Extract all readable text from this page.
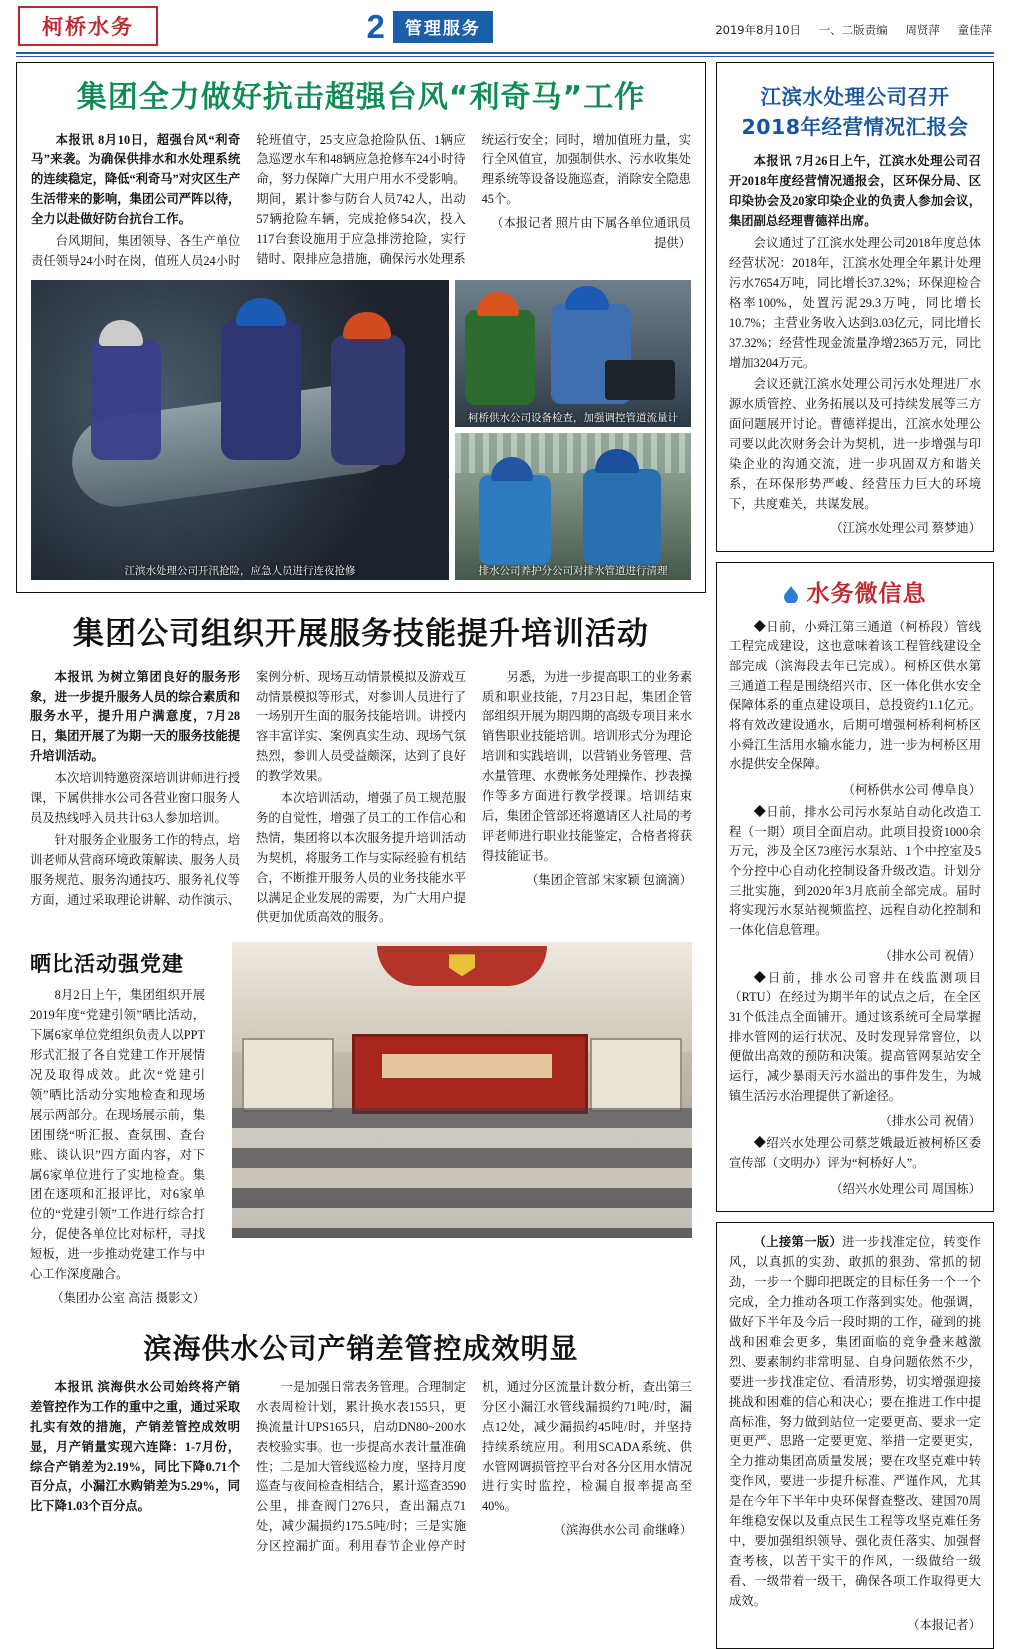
柯桥水务	2	管理服务	2019年8月10日 一、二版责编 周贤萍 童佳萍
集团全力做好抗击超强台风“利奇马”工作

本报讯 8月10日，超强台风“利奇马”来袭。为确保供排水和水处理系统的连续稳定，降低“利奇马”对灾区生产生活带来的影响，集团公司严阵以待，全力以赴做好防台抗台工作。

台风期间，集团领导、各生产单位责任领导24小时在岗，值班人员24小时轮班值守，25支应急抢险队伍、1辆应急巡逻水车和48辆应急抢修车24小时待命，努力保障广大用户用水不受影响。期间，累计参与防台人员742人，出动57辆抢险车辆，完成抢修54次，投入117台套设施用于应急排涝抢险，实行错时、限排应急措施，确保污水处理系统运行安全；同时，增加值班力量，实行全风值宣，加强制供水、污水收集处理系统等设备设施巡查，消除安全隐患45个。

（本报记者 照片由下属各单位通讯员提供）

江滨水处理公司开汛抢险，应急人员进行连夜抢修
柯桥供水公司设备检查，加强调控管道流量计
排水公司养护分公司对排水管道进行清理
集团公司组织开展服务技能提升培训活动

本报讯 为树立第团良好的服务形象，进一步提升服务人员的综合素质和服务水平，提升用户满意度，7月28日，集团开展了为期一天的服务技能提升培训活动。

本次培训特邀资深培训讲师进行授课，下属供排水公司各营业窗口服务人员及热线呼入员共计63人参加培训。

针对服务企业服务工作的特点，培训老师从营商环境政策解读、服务人员服务规范、服务沟通技巧、服务礼仪等方面，通过采取理论讲解、动作演示、案例分析、现场互动情景模拟及游戏互动情景模拟等形式，对参训人员进行了一场别开生面的服务技能培训。讲授内容丰富详实、案例真实生动、现场气氛热烈，参训人员受益颇深，达到了良好的教学效果。

本次培训活动，增强了员工规范服务的自觉性，增强了员工的工作信心和热情，集团将以本次服务提升培训活动为契机，将服务工作与实际经验有机结合，不断推开服务人员的业务技能水平以满足企业发展的需要，为广大用户提供更加优质高效的服务。

另悉，为进一步提高职工的业务素质和职业技能，7月23日起，集团企管部组织开展为期四期的高级专项目来水销售职业技能培训。培训形式分为理论培训和实践培训，以营销业务管理、营水量管理、水费帐务处理操作、抄表操作等多方面进行教学授课。培训结束后，集团企管部还将邀请区人社局的考评老师进行职业技能鉴定，合格者将获得技能证书。

（集团企管部 宋家颖 包滴滴）

晒比活动强党建

8月2日上午，集团组织开展2019年度“党建引领”晒比活动，下属6家单位党组织负责人以PPT形式汇报了各自党建工作开展情况及取得成效。此次“党建引领”晒比活动分实地检查和现场展示两部分。在现场展示前，集团围绕“听汇报、查氛围、查台账、谈认识”四方面内容，对下属6家单位进行了实地检查。集团在逐项和汇报评比，对6家单位的“党建引领”工作进行综合打分，促使各单位比对标杆，寻找短板，进一步推动党建工作与中心工作深度融合。

（集团办公室 高洁 摄影文）

滨海供水公司产销差管控成效明显

本报讯 滨海供水公司始终将产销差管控作为工作的重中之重，通过采取扎实有效的措施，产销差管控成效明显，月产销量实现六连降：1-7月份，综合产销差为2.19%，同比下降0.71个百分点，小漏江水购销差为5.29%，同比下降1.03个百分点。

一是加强日常表务管理。合理制定水表周检计划，累计换水表155只，更换流量计UPS165只，启动DN80~200水表校验实事。也一步提高水表计量准确性；二是加大管线巡检力度，坚持月度巡查与夜间检查相结合，累计巡查3590公里，排查阀门276只，查出漏点71处，减少漏损约175.5吨/时；三是实施分区控漏扩面。利用春节企业停产时机，通过分区流量计数分析，查出第三分区小漏江水管线漏损约71吨/时，漏点12处，减少漏损约45吨/时，并坚持持续系统应用。利用SCADA系统、供水管网调损管控平台对各分区用水情况进行实时监控，检漏自报率提高至40%。

（滨海供水公司 俞继峰）

江滨水处理公司召开
2018年经营情况汇报会

本报讯 7月26日上午，江滨水处理公司召开2018年度经营情况通报会，区环保分局、区印染协会及20家印染企业的负责人参加会议，集团副总经理曹德祥出席。

会议通过了江滨水处理公司2018年度总体经营状况：2018年，江滨水处理全年累计处理污水7654万吨，同比增长37.32%；环保迎检合格率100%，处置污泥29.3万吨，同比增长10.7%；主营业务收入达到3.03亿元，同比增长37.32%；经营性现金流量净增2365万元，同比增加3204万元。

会议还就江滨水处理公司污水处理进厂水源水质管控、业务拓展以及可持续发展等三方面问题展开讨论。曹德祥提出，江滨水处理公司要以此次财务会计为契机，进一步增强与印染企业的沟通交流，进一步巩固双方和谐关系，在环保形势严峻、经营压力巨大的环境下，共度难关，共谋发展。

（江滨水处理公司 蔡梦迪）

水务微信息

◆日前，小舜江第三通道（柯桥段）管线工程完成建设，这也意味着该工程管线建设全部完成（滨海段去年已完成）。柯桥区供水第三通道工程是围绕绍兴市、区一体化供水安全保障体系的重点建设项目，总投资约1.1亿元。将有效改建设通水，后期可增强柯桥利柯桥区小舜江生活用水输水能力，进一步为柯桥区用水提供安全保障。

（柯桥供水公司 傅阜良）

◆日前，排水公司污水泵站自动化改造工程（一期）项目全面启动。此项目投资1000余万元，涉及全区73座污水泵站、1个中控室及5个分控中心自动化控制设备升级改造。计划分三批实施，到2020年3月底前全部完成。届时将实现污水泵站视频监控、远程自动化控制和一体化信息管理。

（排水公司 祝倩）

◆日前，排水公司窨井在线监测项目（RTU）在经过为期半年的试点之后，在全区31个低洼点全面铺开。通过该系统可全局掌握排水管网的运行状况、及时发现异常窨位，以便做出高效的预防和决策。提高管网泵站安全运行，减少暴雨天污水溢出的事件发生，为城镇生活污水治理提供了新途径。

（排水公司 祝倩）

◆绍兴水处理公司蔡芝娥最近被柯桥区委宣传部（文明办）评为“柯桥好人”。

（绍兴水处理公司 周国栋）

（上接第一版）进一步找准定位，转变作风，以真抓的实劲、敢抓的狠劲、常抓的韧劲，一步一个脚印把既定的目标任务一个一个完成，全力推动各项工作落到实处。他强调，做好下半年及今后一段时期的工作，碰到的挑战和困难会更多，集团面临的竞争叠来越激烈、要素制约非常明显、自身问题依然不少，要进一步找准定位、看清形势，切实增强迎接挑战和困难的信心和决心；要在推进工作中提高标准，努力做到站位一定要更高、要求一定更更严、思路一定要更宽、举措一定要更实，全力推动集团高质量发展；要在攻坚克难中转变作风，要进一步提升标准、严谨作风，尤其是在今年下半年中央环保督查整改、建国70周年维稳安保以及重点民生工程等攻坚克难任务中，要加强组织领导、强化责任落实、加强督查考核，以苦干实干的作风，一级做给一级看、一级带着一级干，确保各项工作取得更大成效。

（本报记者）
